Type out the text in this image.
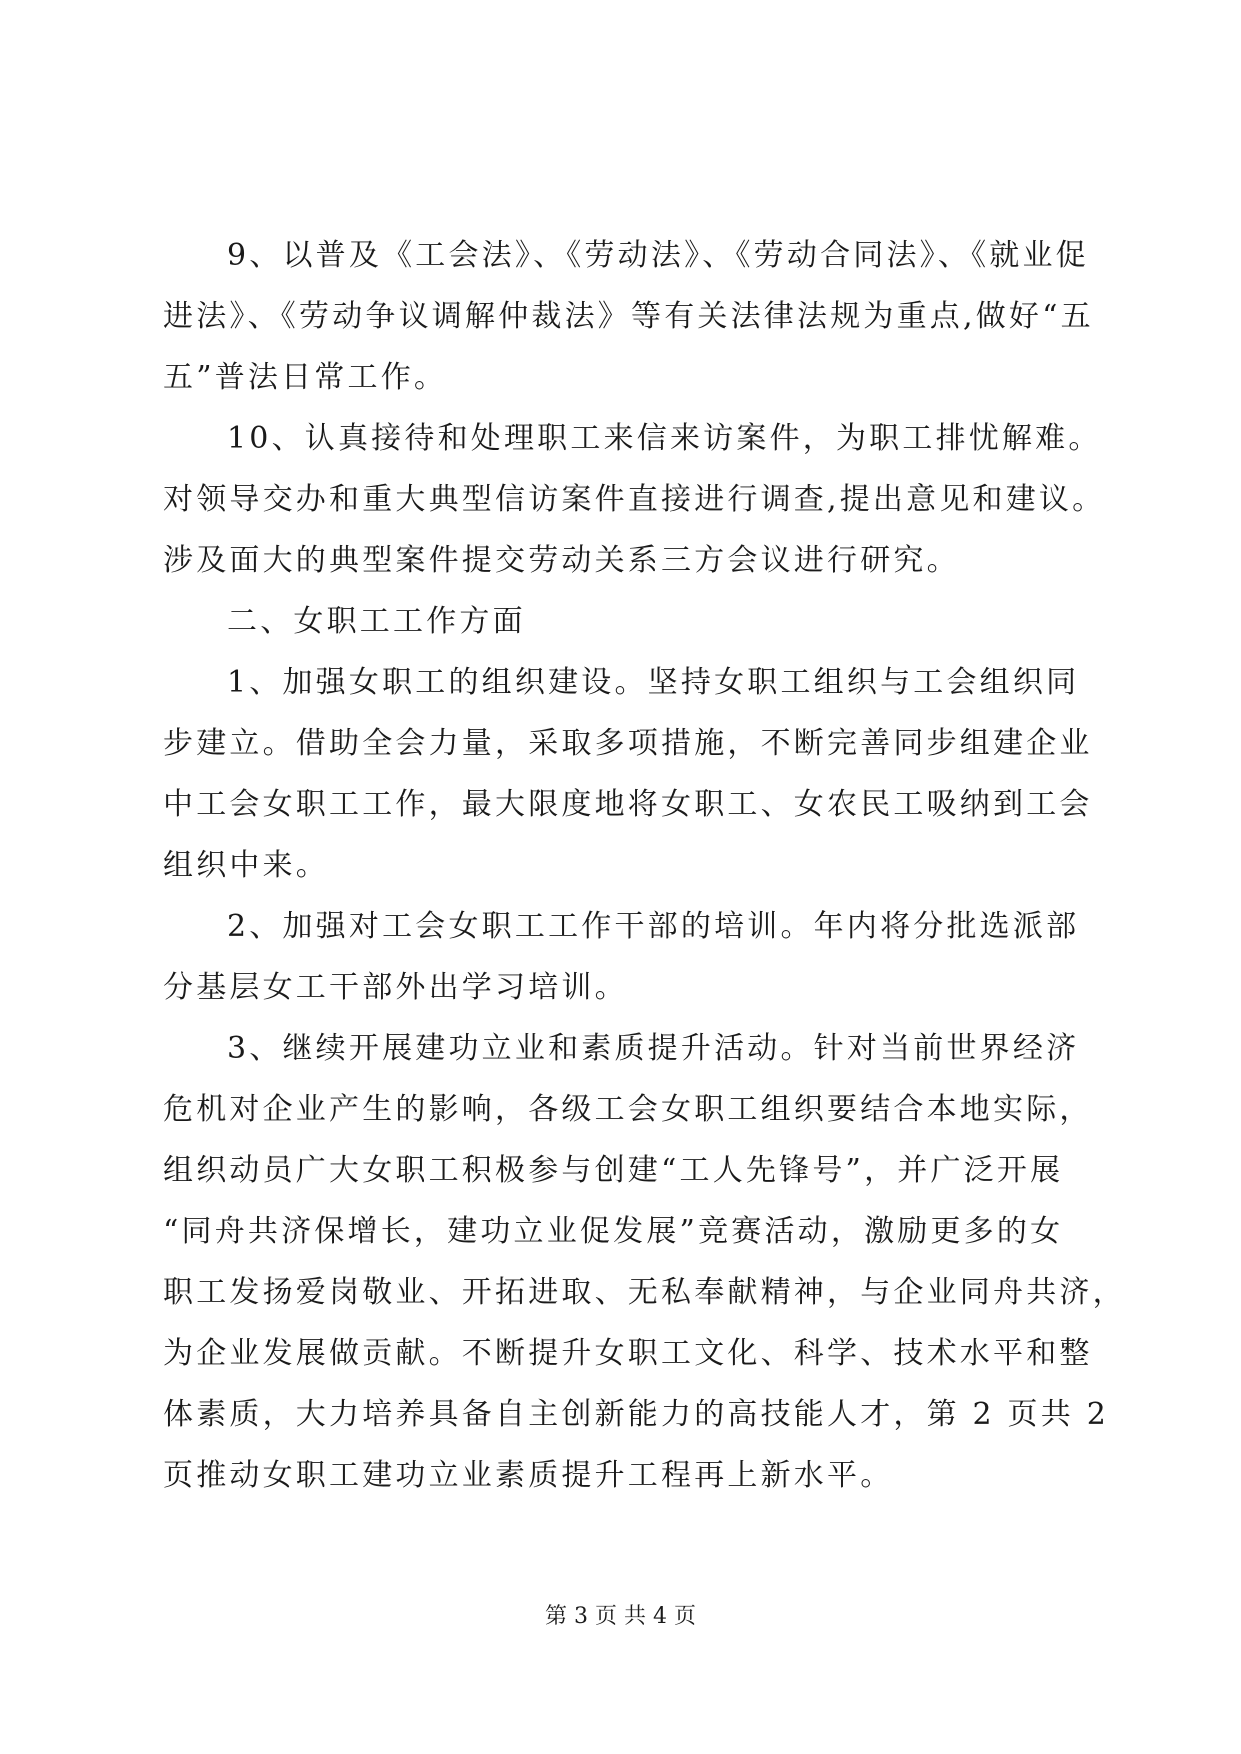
9、以普及《工会法》、《劳动法》、《劳动合同法》、《就业促
进法》、《劳动争议调解仲裁法》等有关法律法规为重点,做好“五
五”普法日常工作。
10、认真接待和处理职工来信来访案件，为职工排忧解难。
对领导交办和重大典型信访案件直接进行调查,提出意见和建议。
涉及面大的典型案件提交劳动关系三方会议进行研究。
二、女职工工作方面
1、加强女职工的组织建设。坚持女职工组织与工会组织同
步建立。借助全会力量，采取多项措施，不断完善同步组建企业
中工会女职工工作，最大限度地将女职工、女农民工吸纳到工会
组织中来。
2、加强对工会女职工工作干部的培训。年内将分批选派部
分基层女工干部外出学习培训。
3、继续开展建功立业和素质提升活动。针对当前世界经济
危机对企业产生的影响，各级工会女职工组织要结合本地实际，
组织动员广大女职工积极参与创建“工人先锋号”，并广泛开展
“同舟共济保增长，建功立业促发展”竞赛活动，激励更多的女
职工发扬爱岗敬业、开拓进取、无私奉献精神，与企业同舟共济，
为企业发展做贡献。不断提升女职工文化、科学、技术水平和整
体素质，大力培养具备自主创新能力的高技能人才，第 2 页共 2
页推动女职工建功立业素质提升工程再上新水平。
第 3 页 共 4 页
